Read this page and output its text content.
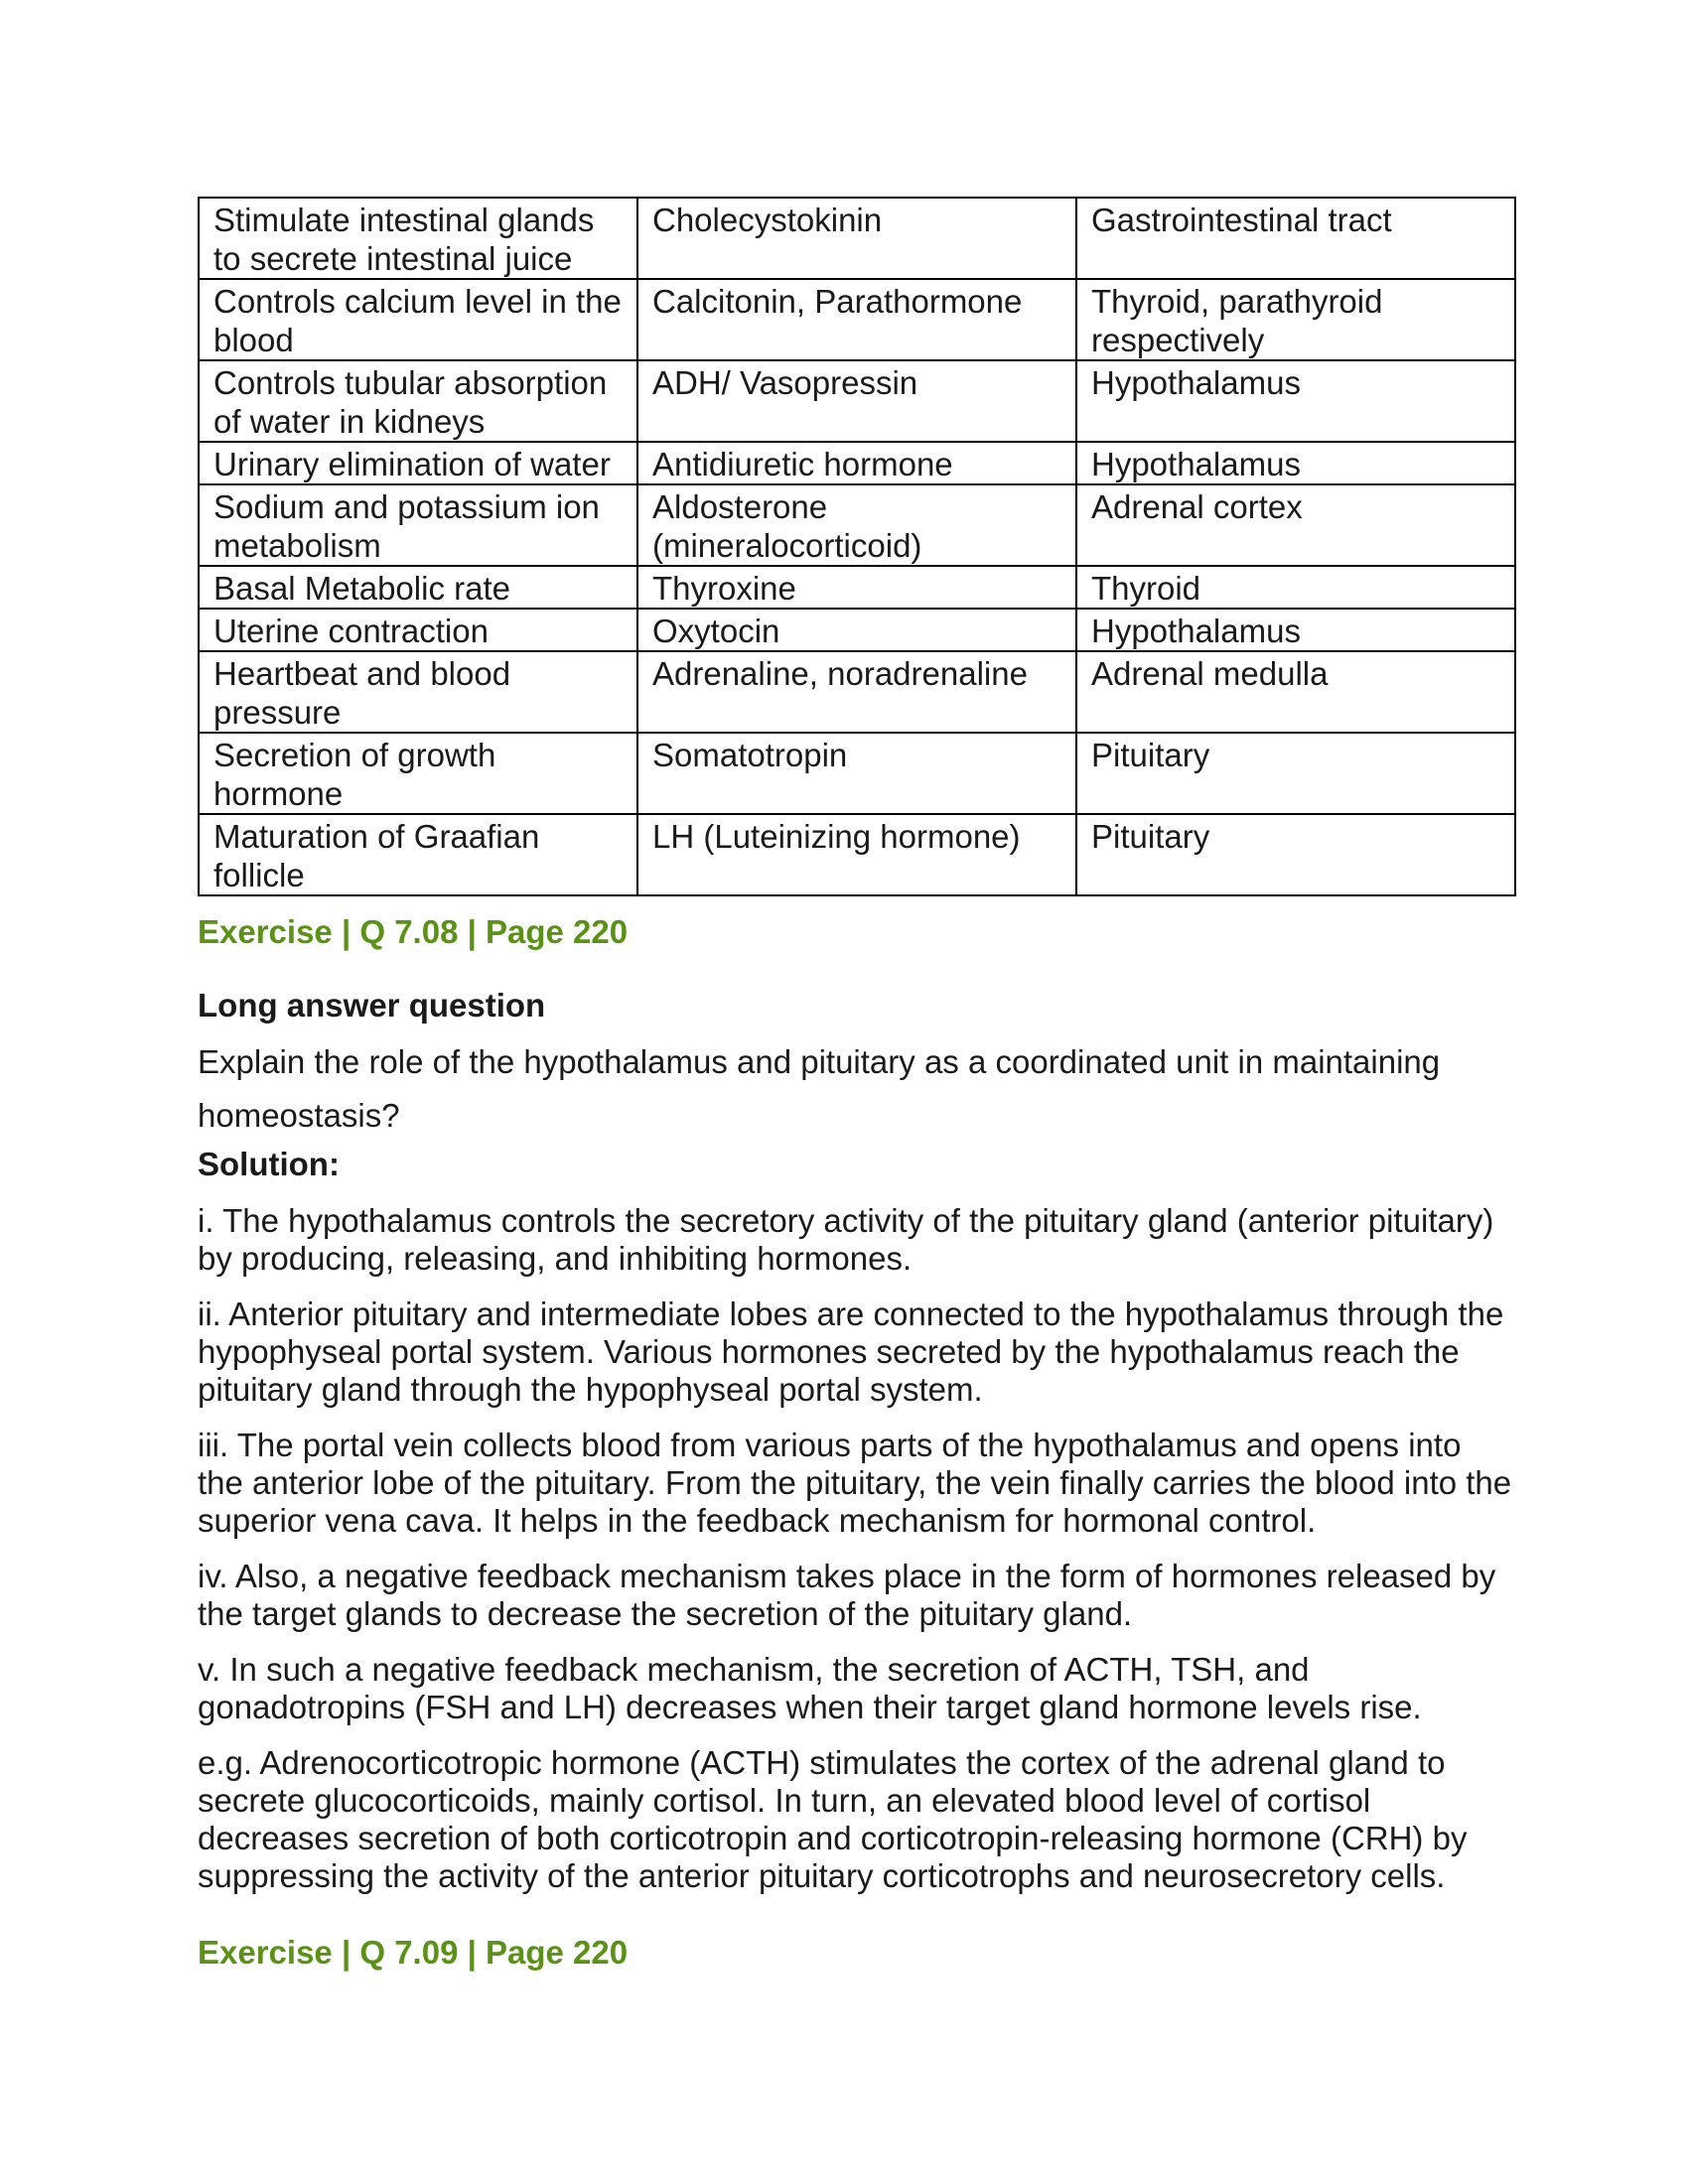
Stimulate intestinal glands to secrete intestinal juice	Cholecystokinin	Gastrointestinal tract
Controls calcium level in the blood	Calcitonin, Parathormone	Thyroid, parathyroid respectively
Controls tubular absorption of water in kidneys	ADH/ Vasopressin	Hypothalamus
Urinary elimination of water	Antidiuretic hormone	Hypothalamus
Sodium and potassium ion metabolism	Aldosterone (mineralocorticoid)	Adrenal cortex
Basal Metabolic rate	Thyroxine	Thyroid
Uterine contraction	Oxytocin	Hypothalamus
Heartbeat and blood pressure	Adrenaline, noradrenaline	Adrenal medulla
Secretion of growth hormone	Somatotropin	Pituitary
Maturation of Graafian follicle	LH (Luteinizing hormone)	Pituitary
Exercise | Q 7.08 | Page 220
Long answer question
Explain the role of the hypothalamus and pituitary as a coordinated unit in maintaining homeostasis?
Solution:
i. The hypothalamus controls the secretory activity of the pituitary gland (anterior pituitary) by producing, releasing, and inhibiting hormones.
ii. Anterior pituitary and intermediate lobes are connected to the hypothalamus through the hypophyseal portal system. Various hormones secreted by the hypothalamus reach the pituitary gland through the hypophyseal portal system.
iii. The portal vein collects blood from various parts of the hypothalamus and opens into the anterior lobe of the pituitary. From the pituitary, the vein finally carries the blood into the superior vena cava. It helps in the feedback mechanism for hormonal control.
iv. Also, a negative feedback mechanism takes place in the form of hormones released by the target glands to decrease the secretion of the pituitary gland.
v. In such a negative feedback mechanism, the secretion of ACTH, TSH, and gonadotropins (FSH and LH) decreases when their target gland hormone levels rise.
e.g. Adrenocorticotropic hormone (ACTH) stimulates the cortex of the adrenal gland to secrete glucocorticoids, mainly cortisol. In turn, an elevated blood level of cortisol decreases secretion of both corticotropin and corticotropin-releasing hormone (CRH) by suppressing the activity of the anterior pituitary corticotrophs and neurosecretory cells.
Exercise | Q 7.09 | Page 220
